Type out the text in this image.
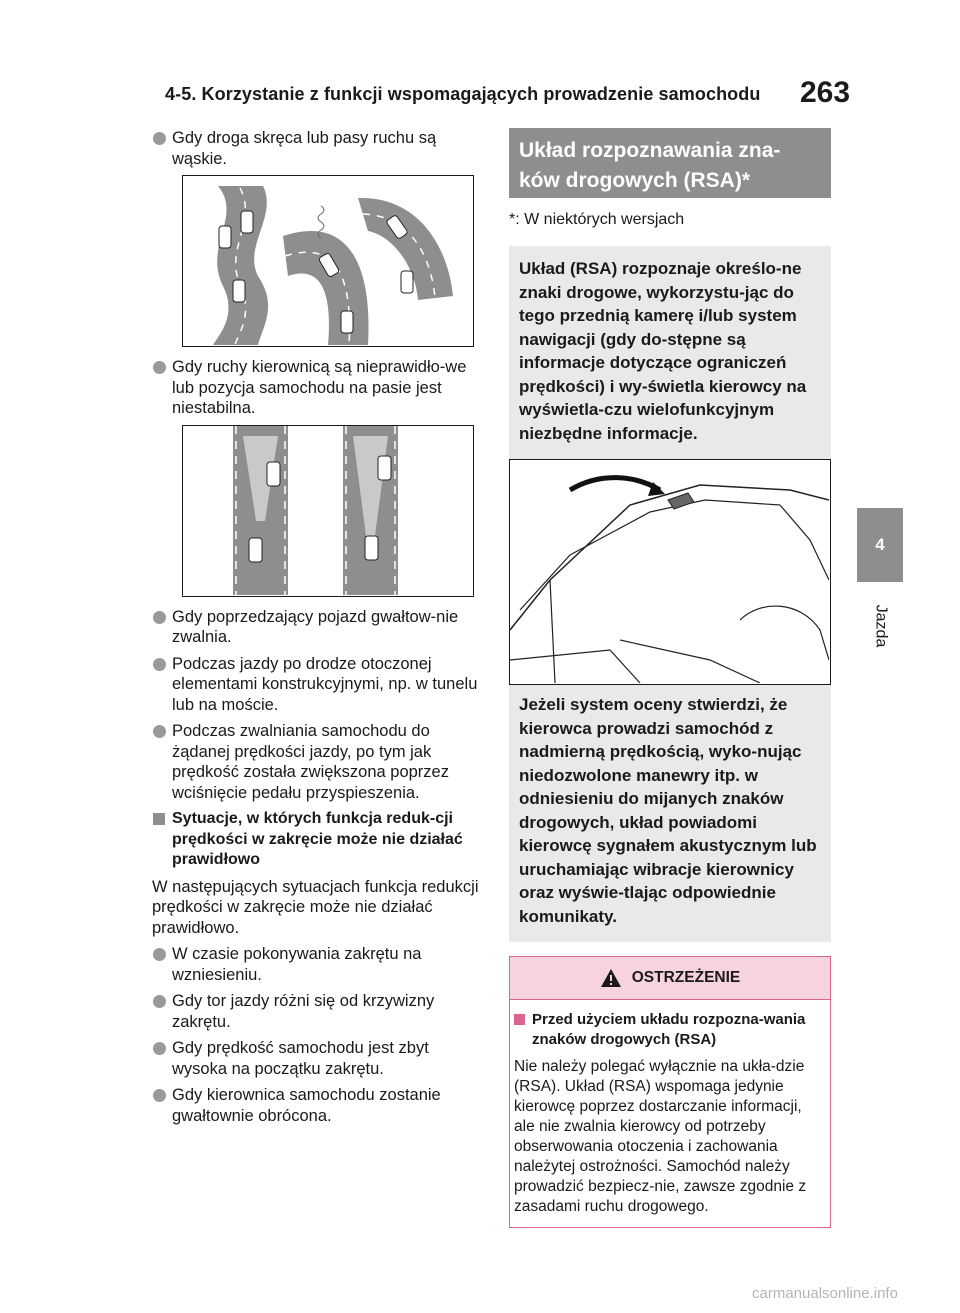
4-5. Korzystanie z funkcji wspomagających prowadzenie samochodu 263
4
Jazda
Gdy droga skręca lub pasy ruchu są wąskie.
Gdy ruchy kierownicą są nieprawidło-we lub pozycja samochodu na pasie jest niestabilna.
Gdy poprzedzający pojazd gwałtow-nie zwalnia.
Podczas jazdy po drodze otoczonej elementami konstrukcyjnymi, np. w tunelu lub na moście.
Podczas zwalniania samochodu do żądanej prędkości jazdy, po tym jak prędkość została zwiększona poprzez wciśnięcie pedału przyspieszenia.
Sytuacje, w których funkcja reduk-cji prędkości w zakręcie może nie działać prawidłowo
W następujących sytuacjach funkcja redukcji prędkości w zakręcie może nie działać prawidłowo.
W czasie pokonywania zakrętu na wzniesieniu.
Gdy tor jazdy różni się od krzywizny zakrętu.
Gdy prędkość samochodu jest zbyt wysoka na początku zakrętu.
Gdy kierownica samochodu zostanie gwałtownie obrócona.
Układ rozpoznawania zna-ków drogowych (RSA)*
*: W niektórych wersjach

Układ (RSA) rozpoznaje określo-ne znaki drogowe, wykorzystu-jąc do tego przednią kamerę i/lub system nawigacji (gdy do-stępne są informacje dotyczące ograniczeń prędkości) i wy-świetla kierowcy na wyświetla-czu wielofunkcyjnym niezbędne informacje.

Jeżeli system oceny stwierdzi, że kierowca prowadzi samochód z nadmierną prędkością, wyko-nując niedozwolone manewry itp. w odniesieniu do mijanych znaków drogowych, układ powiadomi kierowcę sygnałem akustycznym lub uruchamiając wibracje kierownicy oraz wyświe-tlając odpowiednie komunikaty.

OSTRZEŻENIE
Przed użyciem układu rozpozna-wania znaków drogowych (RSA)
Nie należy polegać wyłącznie na ukła-dzie (RSA). Układ (RSA) wspomaga jedynie kierowcę poprzez dostarczanie informacji, ale nie zwalnia kierowcy od potrzeby obserwowania otoczenia i zachowania należytej ostrożności. Samochód należy prowadzić bezpiecz-nie, zawsze zgodnie z zasadami ruchu drogowego.
carmanualsonline.info
